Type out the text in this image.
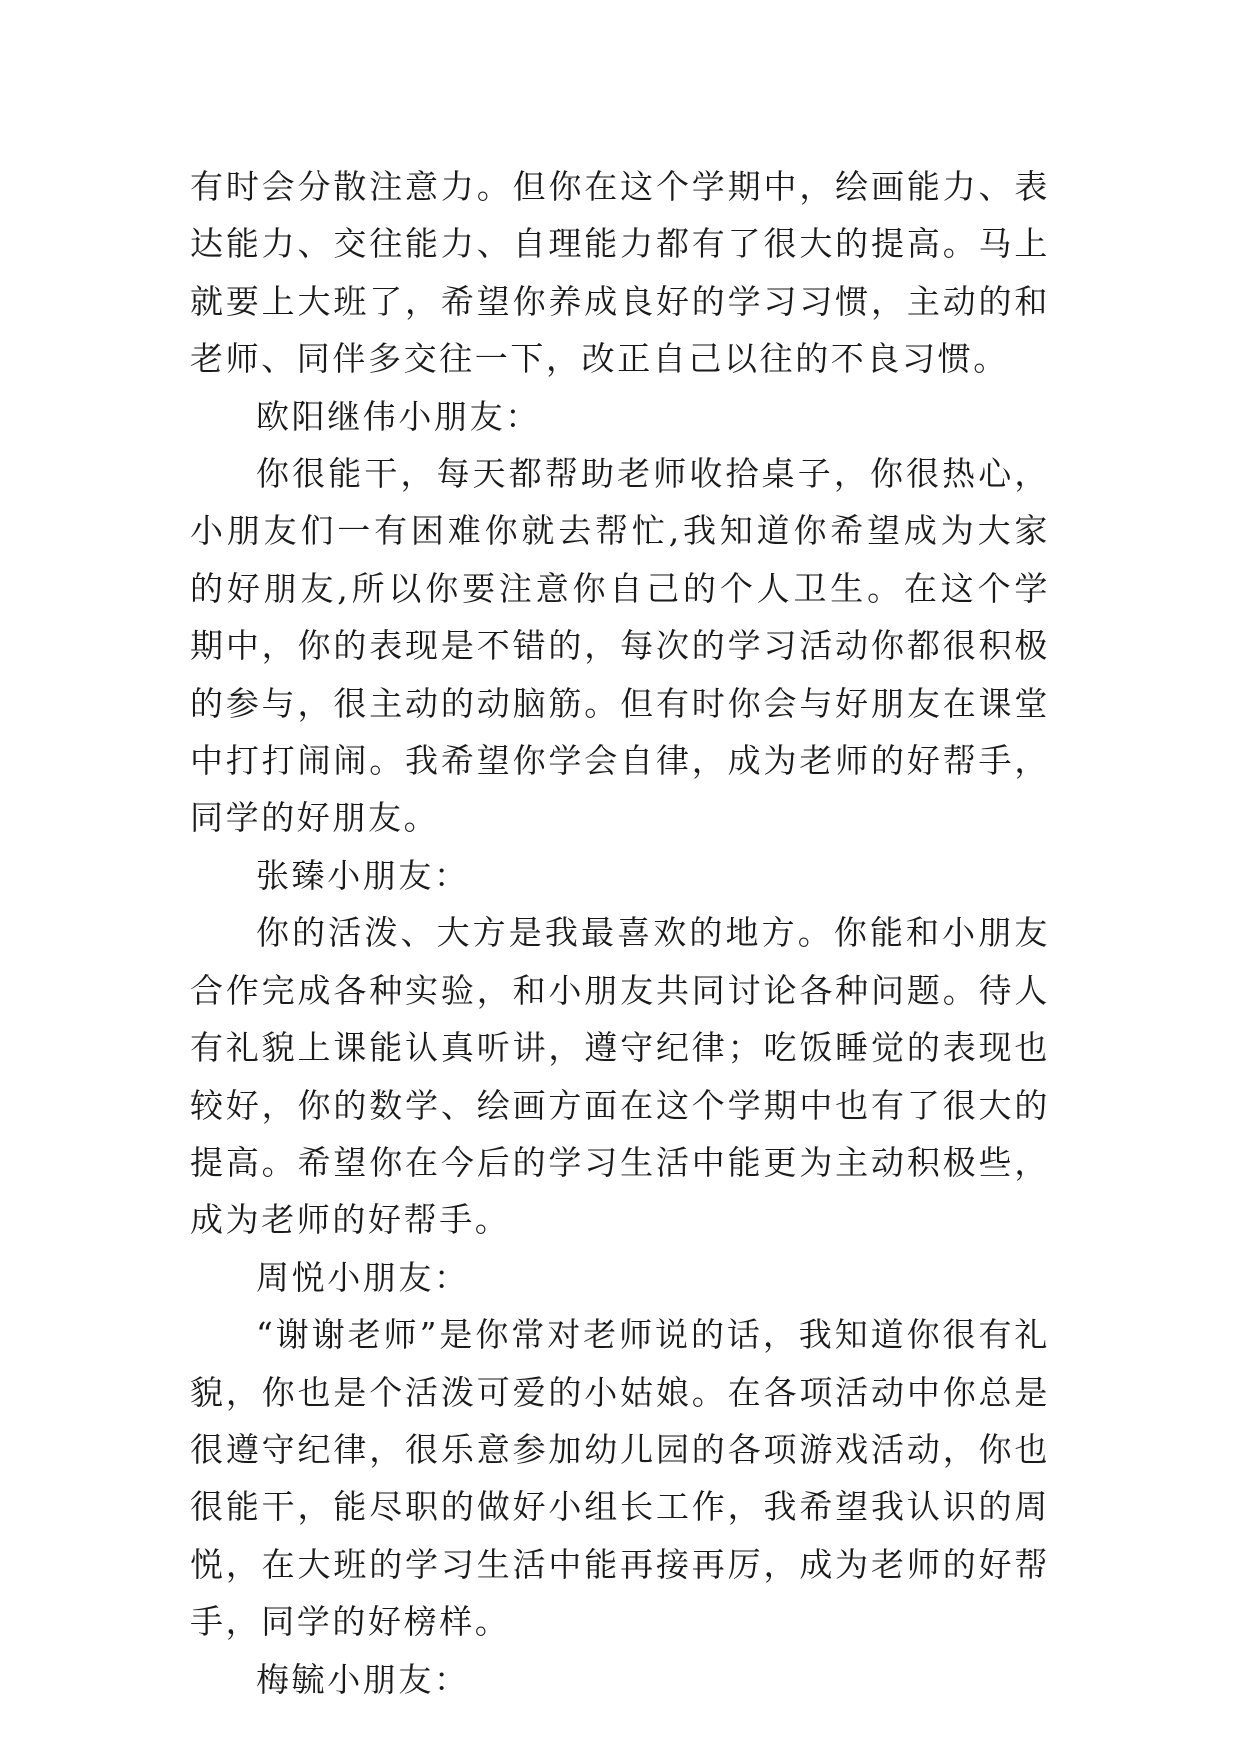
有时会分散注意力。但你在这个学期中，绘画能力、表达能力、交往能力、自理能力都有了很大的提高。马上就要上大班了，希望你养成良好的学习习惯，主动的和老师、同伴多交往一下，改正自己以往的不良习惯。

欧阳继伟小朋友：

你很能干，每天都帮助老师收拾桌子，你很热心，小朋友们一有困难你就去帮忙,我知道你希望成为大家的好朋友,所以你要注意你自己的个人卫生。在这个学期中，你的表现是不错的，每次的学习活动你都很积极的参与，很主动的动脑筋。但有时你会与好朋友在课堂中打打闹闹。我希望你学会自律，成为老师的好帮手，同学的好朋友。

张臻小朋友：

你的活泼、大方是我最喜欢的地方。你能和小朋友合作完成各种实验，和小朋友共同讨论各种问题。待人有礼貌上课能认真听讲，遵守纪律；吃饭睡觉的表现也较好，你的数学、绘画方面在这个学期中也有了很大的提高。希望你在今后的学习生活中能更为主动积极些，成为老师的好帮手。

周悦小朋友：

“谢谢老师”是你常对老师说的话，我知道你很有礼貌，你也是个活泼可爱的小姑娘。在各项活动中你总是很遵守纪律，很乐意参加幼儿园的各项游戏活动，你也很能干，能尽职的做好小组长工作，我希望我认识的周悦，在大班的学习生活中能再接再厉，成为老师的好帮手，同学的好榜样。

梅毓小朋友：
